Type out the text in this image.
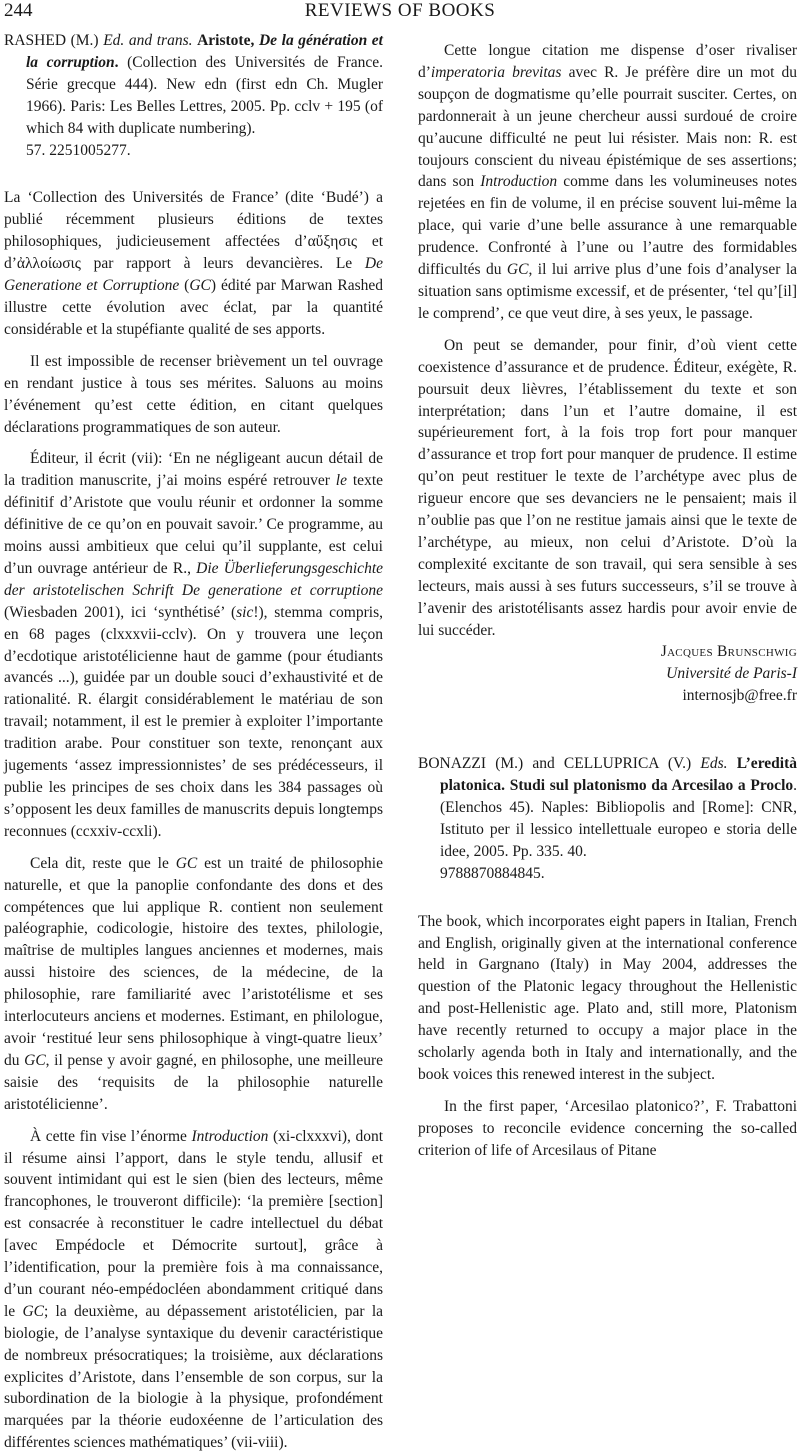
244	REVIEWS OF BOOKS
RASHED (M.) Ed. and trans. Aristote, De la génération et la corruption. (Collection des Universités de France. Série grecque 444). New edn (first edn Ch. Mugler 1966). Paris: Les Belles Lettres, 2005. Pp. cclv + 195 (of which 84 with duplicate numbering).
57. 2251005277.

La ‘Collection des Universités de France’ (dite ‘Budé’) a publié récemment plusieurs éditions de textes philosophiques, judicieusement affectées d’αὔξησις et d’ἀλλοίωσις par rapport à leurs devancières. Le De Generatione et Corruptione (GC) édité par Marwan Rashed illustre cette évolution avec éclat, par la quantité considérable et la stupéfiante qualité de ses apports.

Il est impossible de recenser brièvement un tel ouvrage en rendant justice à tous ses mérites. Saluons au moins l’événement qu’est cette édition, en citant quelques déclarations programmatiques de son auteur.

Éditeur, il écrit (vii): ‘En ne négligeant aucun détail de la tradition manuscrite, j’ai moins espéré retrouver le texte définitif d’Aristote que voulu réunir et ordonner la somme définitive de ce qu’on en pouvait savoir.’ Ce programme, au moins aussi ambitieux que celui qu’il supplante, est celui d’un ouvrage antérieur de R., Die Überlieferungsgeschichte der aristotelischen Schrift De generatione et corruptione (Wiesbaden 2001), ici ‘synthétisé’ (sic!), stemma compris, en 68 pages (clxxxvii-cclv). On y trouvera une leçon d’ecdotique aristotélicienne haut de gamme (pour étudiants avancés ...), guidée par un double souci d’exhaustivité et de rationalité. R. élargit considérablement le matériau de son travail; notamment, il est le premier à exploiter l’importante tradition arabe. Pour constituer son texte, renonçant aux jugements ‘assez impressionnistes’ de ses prédécesseurs, il publie les principes de ses choix dans les 384 passages où s’opposent les deux familles de manuscrits depuis longtemps reconnues (ccxxiv-ccxli).

Cela dit, reste que le GC est un traité de philosophie naturelle, et que la panoplie confondante des dons et des compétences que lui applique R. contient non seulement paléographie, codicologie, histoire des textes, philologie, maîtrise de multiples langues anciennes et modernes, mais aussi histoire des sciences, de la médecine, de la philosophie, rare familiarité avec l’aristotélisme et ses interlocuteurs anciens et modernes. Estimant, en philologue, avoir ‘restitué leur sens philosophique à vingt-quatre lieux’ du GC, il pense y avoir gagné, en philosophe, une meilleure saisie des ‘requisits de la philosophie naturelle aristotélicienne’.

À cette fin vise l’énorme Introduction (xi-clxxxvi), dont il résume ainsi l’apport, dans le style tendu, allusif et souvent intimidant qui est le sien (bien des lecteurs, même francophones, le trouveront difficile): ‘la première [section] est consacrée à reconstituer le cadre intellectuel du débat [avec Empédocle et Démocrite surtout], grâce à l’identification, pour la première fois à ma connaissance, d’un courant néo-empédocléen abondamment critiqué dans le GC; la deuxième, au dépassement aristotélicien, par la biologie, de l’analyse syntaxique du devenir caractéristique de nombreux présocratiques; la troisième, aux déclarations explicites d’Aristote, dans l’ensemble de son corpus, sur la subordination de la biologie à la physique, profondément marquées par la théorie eudoxéenne de l’articulation des différentes sciences mathématiques’ (vii-viii).

Cette longue citation me dispense d’oser rivaliser d’imperatoria brevitas avec R. Je préfère dire un mot du soupçon de dogmatisme qu’elle pourrait susciter. Certes, on pardonnerait à un jeune chercheur aussi surdoué de croire qu’aucune difficulté ne peut lui résister. Mais non: R. est toujours conscient du niveau épistémique de ses assertions; dans son Introduction comme dans les volumineuses notes rejetées en fin de volume, il en précise souvent lui-même la place, qui varie d’une belle assurance à une remarquable prudence. Confronté à l’une ou l’autre des formidables difficultés du GC, il lui arrive plus d’une fois d’analyser la situation sans optimisme excessif, et de présenter, ‘tel qu’[il] le comprend’, ce que veut dire, à ses yeux, le passage.

On peut se demander, pour finir, d’où vient cette coexistence d’assurance et de prudence. Éditeur, exégète, R. poursuit deux lièvres, l’établissement du texte et son interprétation; dans l’un et l’autre domaine, il est supérieurement fort, à la fois trop fort pour manquer d’assurance et trop fort pour manquer de prudence. Il estime qu’on peut restituer le texte de l’archétype avec plus de rigueur encore que ses devanciers ne le pensaient; mais il n’oublie pas que l’on ne restitue jamais ainsi que le texte de l’archétype, au mieux, non celui d’Aristote. D’où la complexité excitante de son travail, qui sera sensible à ses lecteurs, mais aussi à ses futurs successeurs, s’il se trouve à l’avenir des aristotélisants assez hardis pour avoir envie de lui succéder.

Jacques Brunschwig
Université de Paris-I
internosjb@free.fr
BONAZZI (M.) and CELLUPRICA (V.) Eds. L’eredità platonica. Studi sul platonismo da Arcesilao a Proclo. (Elenchos 45). Naples: Bibliopolis and [Rome]: CNR, Istituto per il lessico intellettuale europeo e storia delle idee, 2005. Pp. 335. 40.
9788870884845.

The book, which incorporates eight papers in Italian, French and English, originally given at the international conference held in Gargnano (Italy) in May 2004, addresses the question of the Platonic legacy throughout the Hellenistic and post-Hellenistic age. Plato and, still more, Platonism have recently returned to occupy a major place in the scholarly agenda both in Italy and internationally, and the book voices this renewed interest in the subject.

In the first paper, ‘Arcesilao platonico?’, F. Trabattoni proposes to reconcile evidence concerning the so-called criterion of life of Arcesilaus of Pitane
